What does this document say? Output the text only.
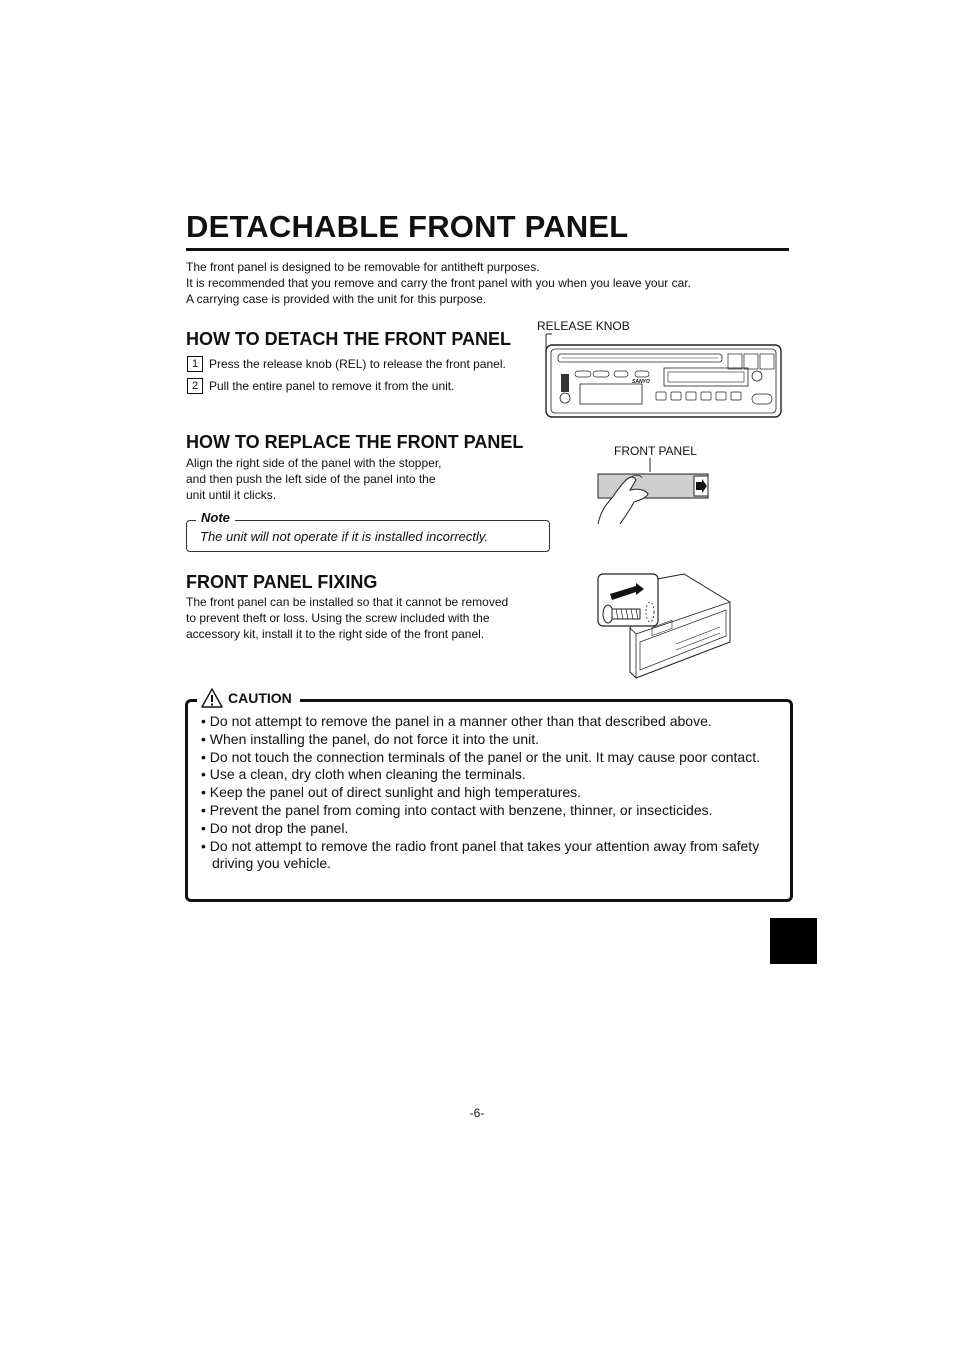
DETACHABLE FRONT PANEL
The front panel is designed to be removable for antitheft purposes.
It is recommended that you remove and carry the front panel with you when you leave your car.
A carrying case is provided with the unit for this purpose.
HOW TO DETACH THE FRONT PANEL
1 Press the release knob (REL) to release the front panel.
2 Pull the entire panel to remove it from the unit.
RELEASE KNOB
SANYO
HOW TO REPLACE THE FRONT PANEL
Align the right side of the panel with the stopper,
and then push the left side of the panel into the
unit until it clicks.
FRONT PANEL
Note
The unit will not operate if it is installed incorrectly.
FRONT PANEL FIXING
The front panel can be installed so that it cannot be removed
to prevent theft or loss. Using the screw included with the
accessory kit, install it to the right side of the front panel.
CAUTION
• Do not attempt to remove the panel in a manner other than that described above.
• When installing the panel, do not force it into the unit.
• Do not touch the connection terminals of the panel or the unit. It may cause poor contact.
• Use a clean, dry cloth when cleaning the terminals.
• Keep the panel out of direct sunlight and high temperatures.
• Prevent the panel from coming into contact with benzene, thinner, or insecticides.
• Do not drop the panel.
• Do not attempt to remove the radio front panel that takes your attention away from safety driving you vehicle.
-6-
